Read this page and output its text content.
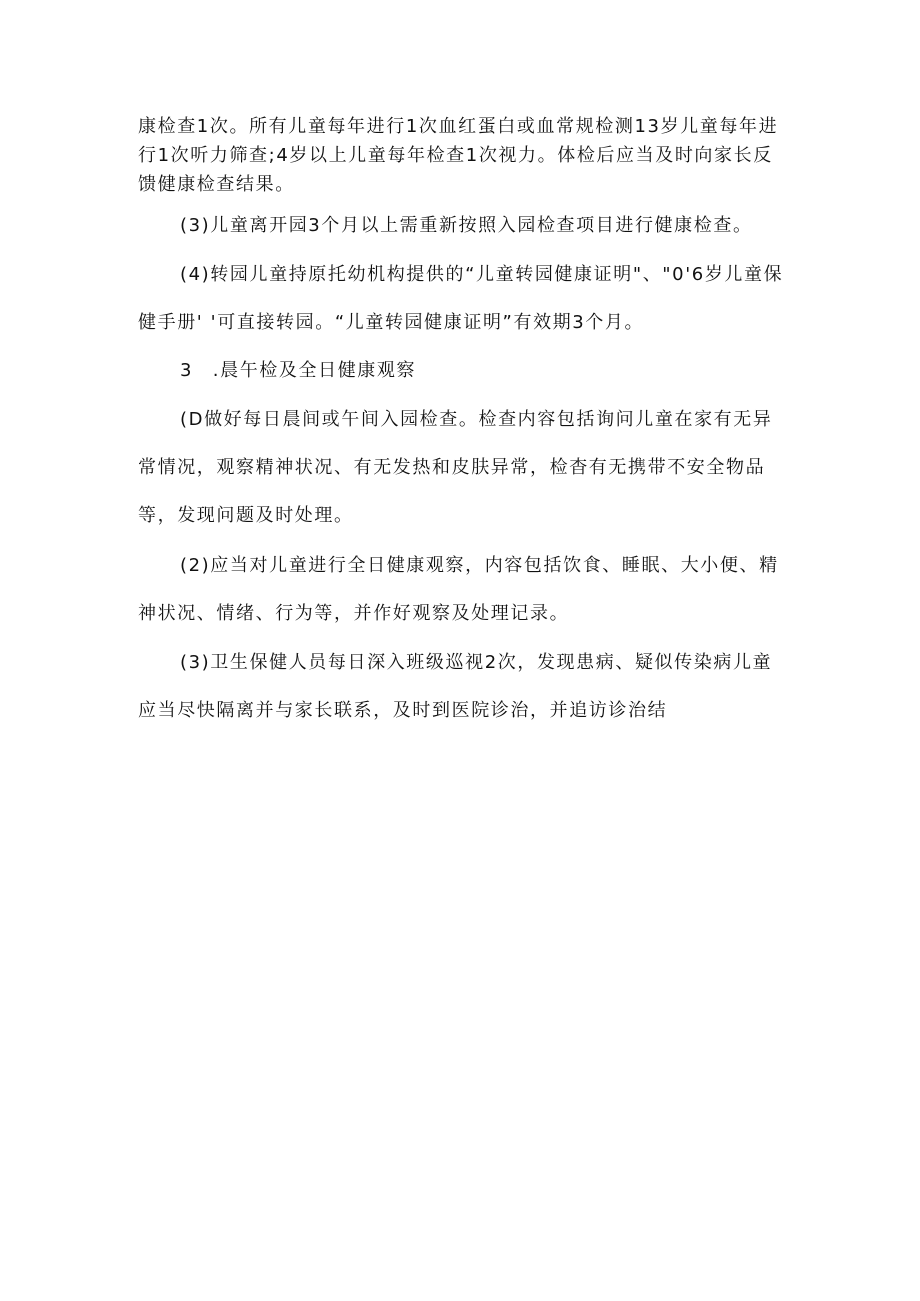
康检查1次。所有儿童每年进行1次血红蛋白或血常规检测13岁儿童每年进
行1次听力筛查;4岁以上儿童每年检查1次视力。体检后应当及时向家长反
馈健康检查结果。
(3)儿童离开园3个月以上需重新按照入园检查项目进行健康检查。
(4)转园儿童持原托幼机构提供的“儿童转园健康证明"、"0'6岁儿童保
健手册' '可直接转园。“儿童转园健康证明”有效期3个月。
3 .晨午检及全日健康观察
(D做好每日晨间或午间入园检查。检查内容包括询问儿童在家有无异
常情况，观察精神状况、有无发热和皮肤异常，检杳有无携带不安全物品
等，发现问题及时处理。
(2)应当对儿童进行全日健康观察，内容包括饮食、睡眠、大小便、精
神状况、情绪、行为等，并作好观察及处理记录。
(3)卫生保健人员每日深入班级巡视2次，发现患病、疑似传染病儿童
应当尽快隔离并与家长联系，及时到医院诊治，并追访诊治结
